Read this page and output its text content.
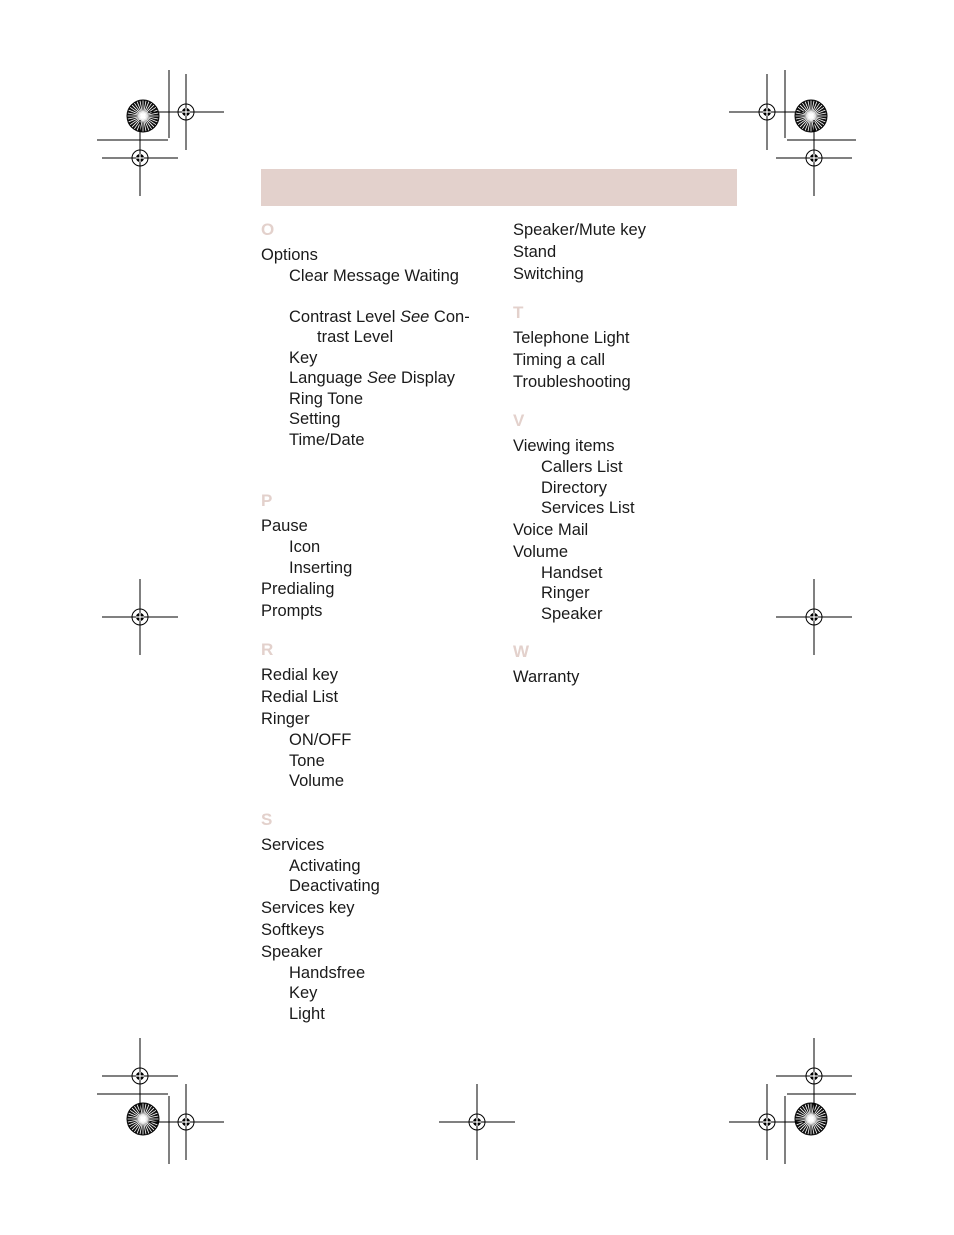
O
Options
Clear Message Waiting
Contrast Level See Con-
trast Level
Key
Language See Display
Ring Tone
Setting
Time/Date
P
Pause
Icon
Inserting
Predialing
Prompts
R
Redial key
Redial List
Ringer
ON/OFF
Tone
Volume
S
Services
Activating
Deactivating
Services key
Softkeys
Speaker
Handsfree
Key
Light
Speaker/Mute key
Stand
Switching
T
Telephone Light
Timing a call
Troubleshooting
V
Viewing items
Callers List
Directory
Services List
Voice Mail
Volume
Handset
Ringer
Speaker
W
Warranty
